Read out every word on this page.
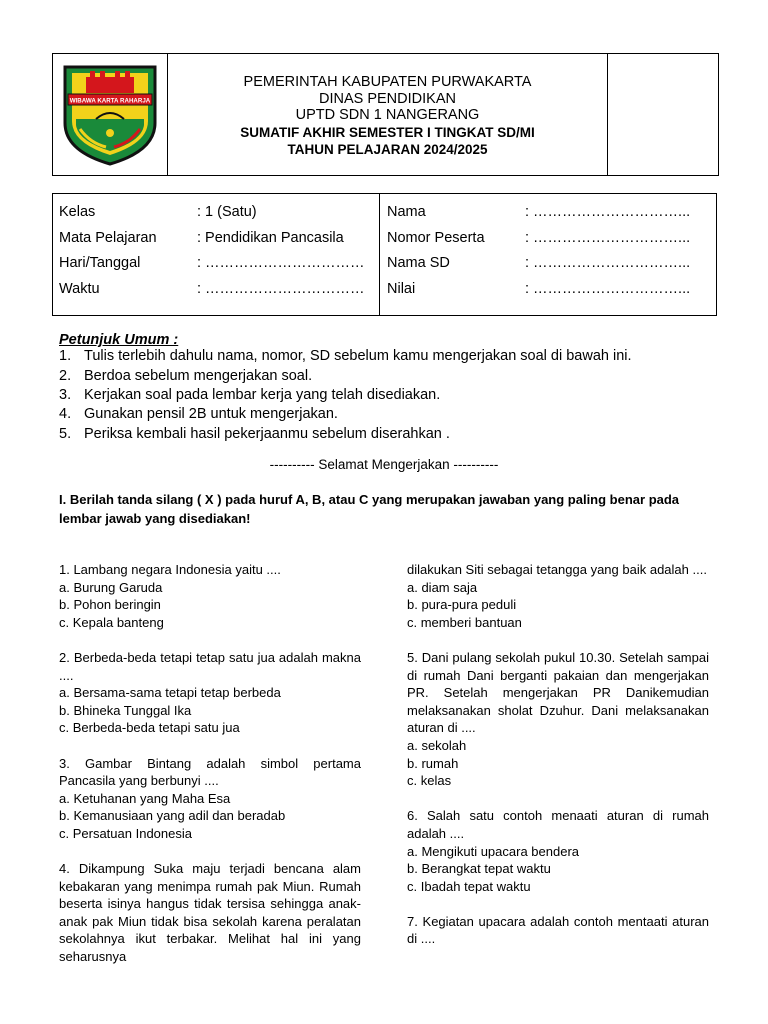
WIBAWA KARTA RAHARJA
PEMERINTAH KABUPATEN PURWAKARTA
DINAS PENDIDIKAN
UPTD SDN 1 NANGERANG
SUMATIF AKHIR SEMESTER I TINGKAT SD/MI
TAHUN PELAJARAN 2024/2025
Kelas	: 1 (Satu)
Mata Pelajaran	: Pendidikan Pancasila
Hari/Tanggal	: ……………………………
Waktu	: ……………………………
Nama	: …………………………...
Nomor Peserta	: …………………………...
Nama SD	: …………………………...
Nilai	: …………………………...
Petunjuk Umum :
1. Tulis terlebih dahulu nama, nomor, SD sebelum kamu mengerjakan soal di bawah ini.
2. Berdoa sebelum mengerjakan soal.
3. Kerjakan soal pada lembar kerja yang telah disediakan.
4. Gunakan pensil 2B untuk mengerjakan.
5. Periksa kembali hasil pekerjaanmu sebelum diserahkan .
---------- Selamat Mengerjakan ----------
I. Berilah tanda silang ( X ) pada huruf A, B, atau C yang merupakan jawaban yang paling benar pada lembar jawab yang disediakan!

1. Lambang negara Indonesia yaitu ....

a. Burung Garuda

b. Pohon beringin

c. Kepala banteng

2. Berbeda-beda tetapi tetap satu jua adalah makna ....

a. Bersama-sama tetapi tetap berbeda

b. Bhineka Tunggal Ika

c. Berbeda-beda tetapi satu jua

3. Gambar Bintang adalah simbol pertama Pancasila yang berbunyi ....

a. Ketuhanan yang Maha Esa

b. Kemanusiaan yang adil dan beradab

c. Persatuan Indonesia

4. Dikampung Suka maju terjadi bencana alam kebakaran yang menimpa rumah pak Miun. Rumah beserta isinya hangus tidak tersisa sehingga anak-anak pak Miun tidak bisa sekolah karena peralatan sekolahnya ikut terbakar. Melihat hal ini yang seharusnya

dilakukan Siti sebagai tetangga yang baik adalah ....

a. diam saja

b. pura-pura peduli

c. memberi bantuan

5. Dani pulang sekolah pukul 10.30. Setelah sampai di rumah Dani berganti pakaian dan mengerjakan PR. Setelah mengerjakan PR Danikemudian melaksanakan sholat Dzuhur. Dani melaksanakan aturan di ....

a. sekolah

b. rumah

c. kelas

6. Salah satu contoh menaati aturan di rumah adalah ....

a. Mengikuti upacara bendera

b. Berangkat tepat waktu

c. Ibadah tepat waktu

7. Kegiatan upacara adalah contoh mentaati aturan di ....
